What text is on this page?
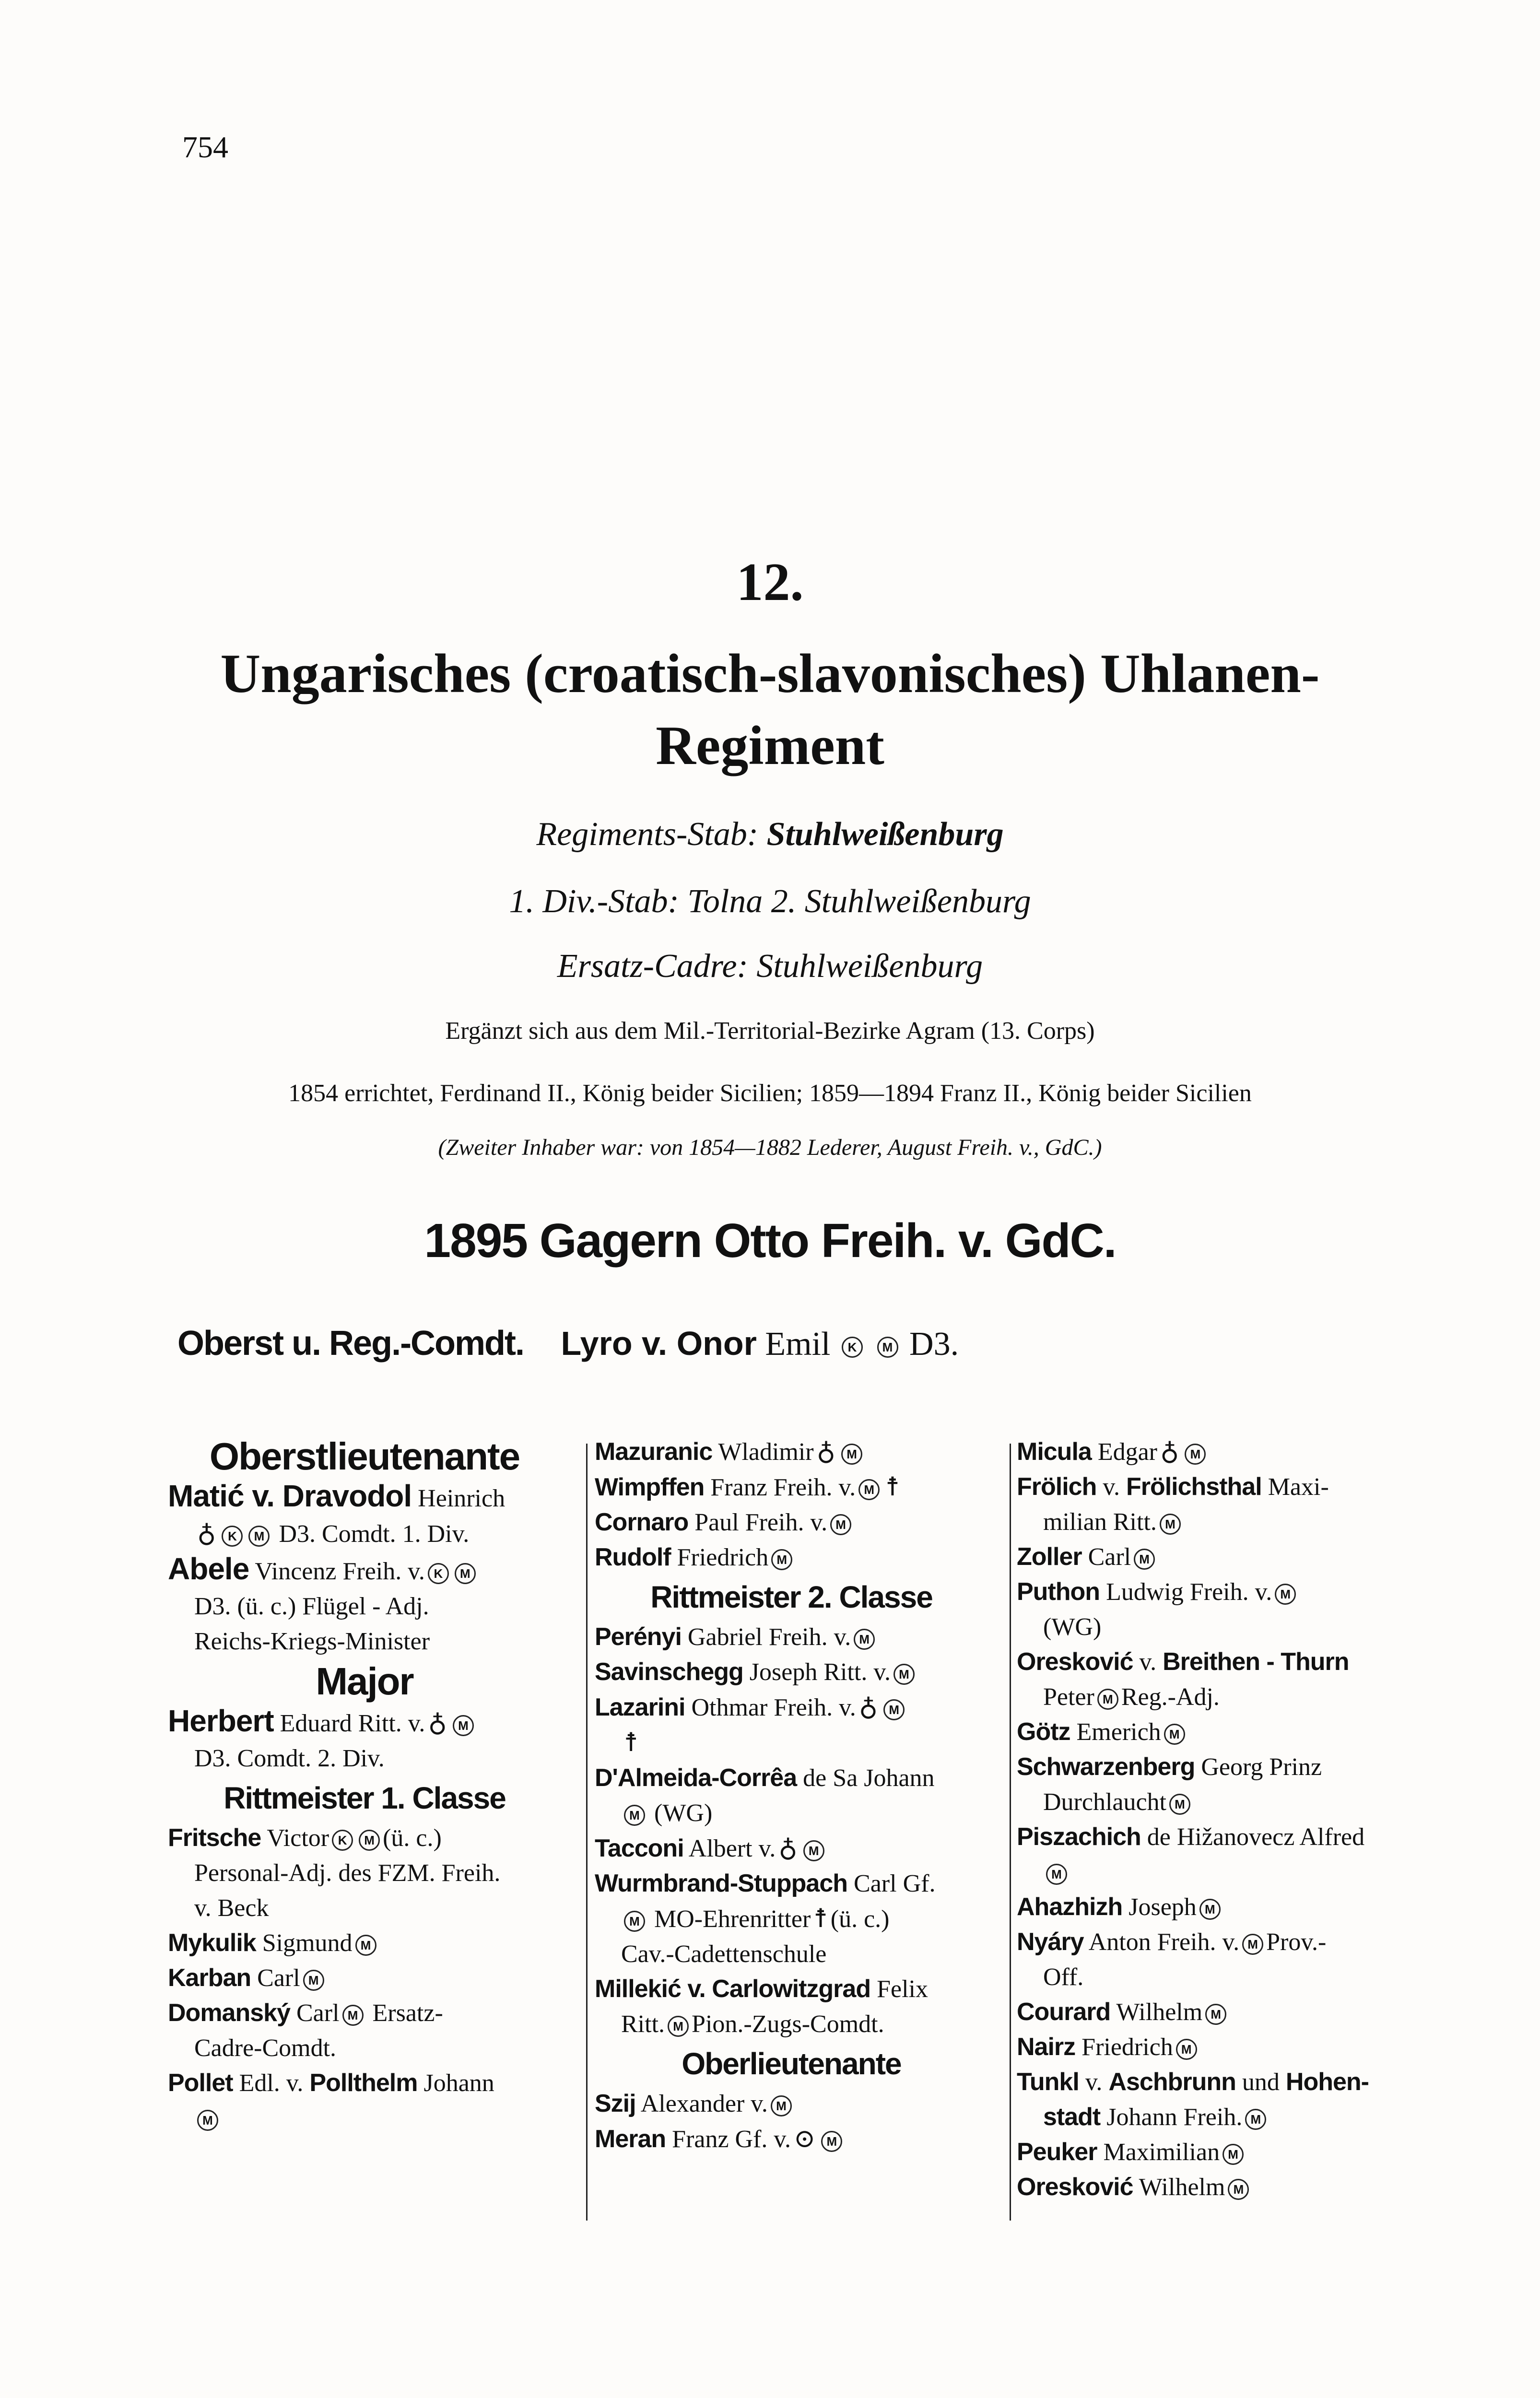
754
12.
Ungarisches (croatisch-slavonisches) Uhlanen-
Regiment
Regiments-Stab: Stuhlweißenburg
1. Div.-Stab: Tolna 2. Stuhlweißenburg
Ersatz-Cadre: Stuhlweißenburg
Ergänzt sich aus dem Mil.-Territorial-Bezirke Agram (13. Corps)
1854 errichtet, Ferdinand II., König beider Sicilien; 1859—1894 Franz II., König beider Sicilien
(Zweiter Inhaber war: von 1854—1882 Lederer, August Freih. v., GdC.)
1895 Gagern Otto Freih. v. GdC.
Oberst u. Reg.-Comdt. Lyro v. Onor Emil K M D3.
Oberstlieutenante
Matić v. Dravodol Heinrich
♁ K M D3. Comdt. 1. Div.
Abele Vincenz Freih. v. K M
D3. (ü. c.) Flügel - Adj.
Reichs-Kriegs-Minister
Major
Herbert Eduard Ritt. v. ♁ M
D3. Comdt. 2. Div.
Rittmeister 1. Classe
Fritsche Victor K M (ü. c.)
Personal-Adj. des FZM. Freih.
v. Beck
Mykulik Sigmund M
Karban Carl M
Domanský Carl M Ersatz-
Cadre-Comdt.
Pollet Edl. v. Pollthelm Johann
M
Mazuranic Wladimir ♁ M
Wimpffen Franz Freih. v. M ☨
Cornaro Paul Freih. v. M
Rudolf Friedrich M
Rittmeister 2. Classe
Perényi Gabriel Freih. v. M
Savinschegg Joseph Ritt. v. M
Lazarini Othmar Freih. v. ♁ M
☨
D'Almeida-Corrêa de Sa Johann
M (WG)
Tacconi Albert v. ♁ M
Wurmbrand-Stuppach Carl Gf.
M MO-Ehrenritter ☨ (ü. c.)
Cav.-Cadettenschule
Millekić v. Carlowitzgrad Felix
Ritt. M Pion.-Zugs-Comdt.
Oberlieutenante
Szij Alexander v. M
Meran Franz Gf. v. ⊙ M
Micula Edgar ♁ M
Frölich v. Frölichsthal Maxi-
milian Ritt. M
Zoller Carl M
Puthon Ludwig Freih. v. M
(WG)
Oresković v. Breithen - Thurn
Peter M Reg.-Adj.
Götz Emerich M
Schwarzenberg Georg Prinz
Durchlaucht M
Piszachich de Hižanovecz Alfred
M
Ahazhizh Joseph M
Nyáry Anton Freih. v. M Prov.-
Off.
Courard Wilhelm M
Nairz Friedrich M
Tunkl v. Aschbrunn und Hohen-
stadt Johann Freih. M
Peuker Maximilian M
Oresković Wilhelm M
